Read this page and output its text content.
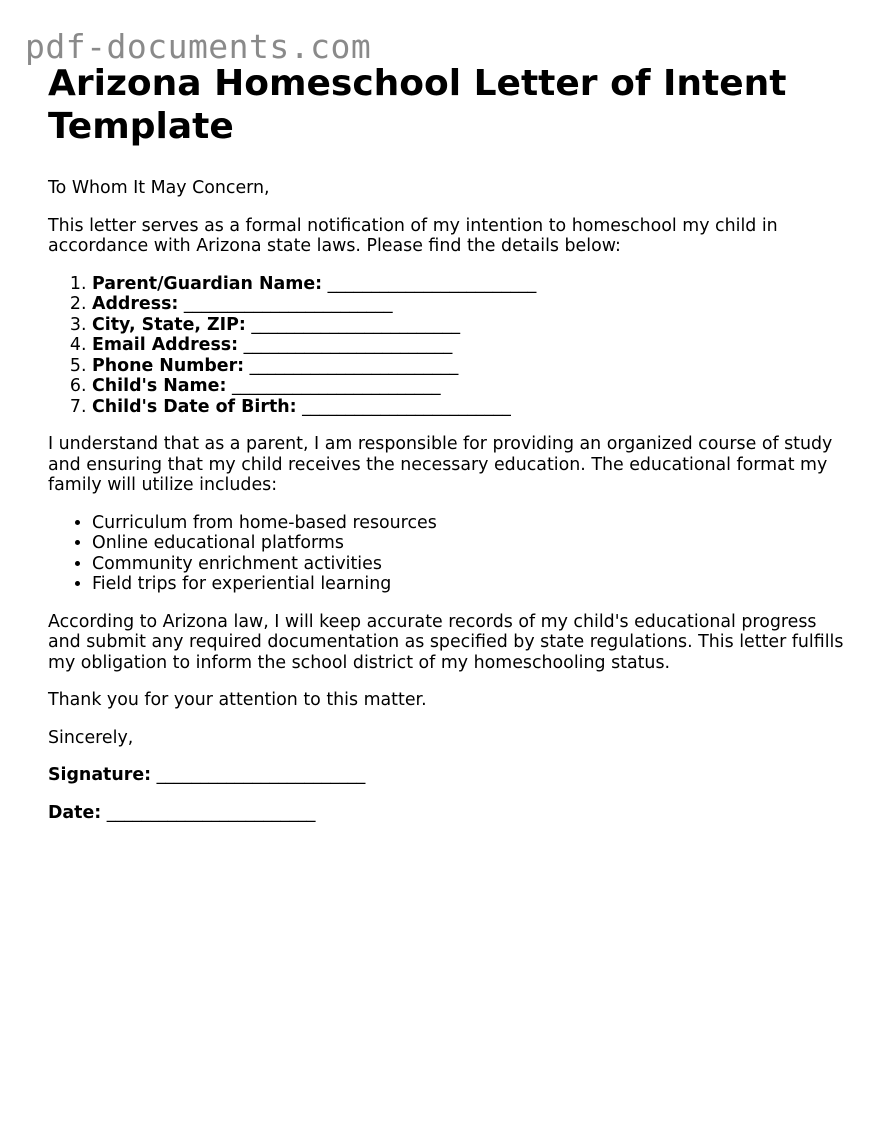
pdf-documents.com
Arizona Homeschool Letter of Intent Template

To Whom It May Concern,

This letter serves as a formal notification of my intention to homeschool my child in accordance with Arizona state laws. Please find the details below:

1. Parent/Guardian Name: ________________________
2. Address: ________________________
3. City, State, ZIP: ________________________
4. Email Address: ________________________
5. Phone Number: ________________________
6. Child's Name: ________________________
7. Child's Date of Birth: ________________________

I understand that as a parent, I am responsible for providing an organized course of study and ensuring that my child receives the necessary education. The educational format my family will utilize includes:

• Curriculum from home-based resources
• Online educational platforms
• Community enrichment activities
• Field trips for experiential learning

According to Arizona law, I will keep accurate records of my child's educational progress and submit any required documentation as specified by state regulations. This letter fulfills my obligation to inform the school district of my homeschooling status.

Thank you for your attention to this matter.

Sincerely,

Signature: ________________________

Date: ________________________
